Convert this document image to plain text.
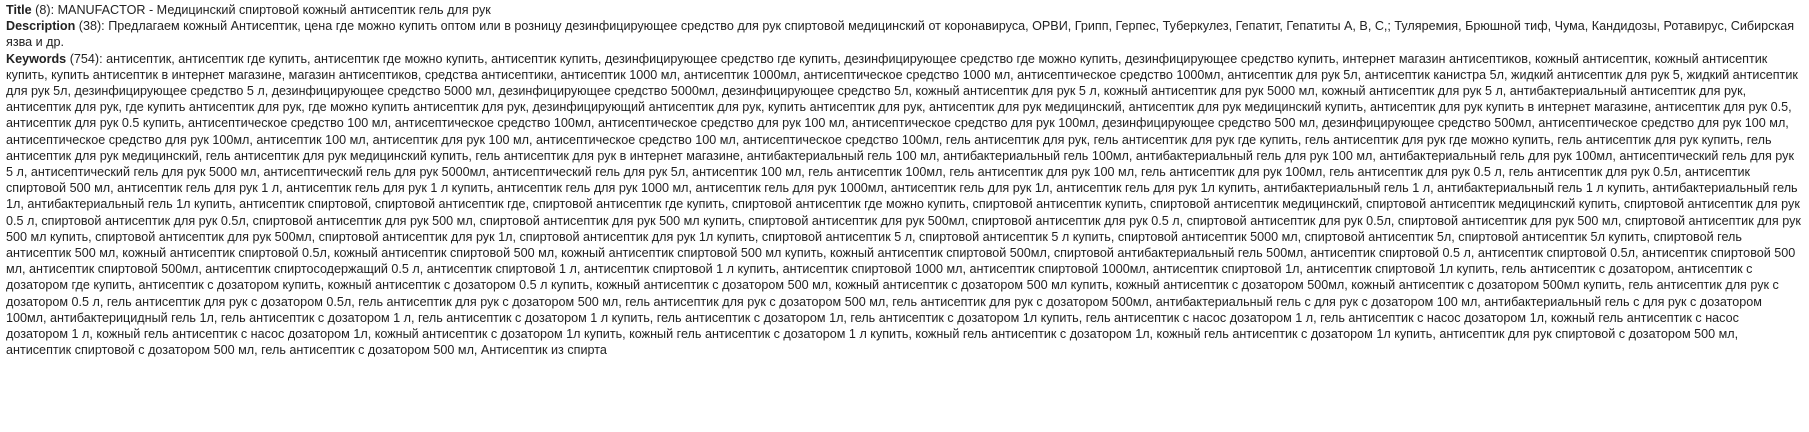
Title (8): MANUFACTOR - Медицинский спиртовой кожный антисептик гель для рук
Description (38): Предлагаем кожный Антисептик, цена где можно купить оптом или в розницу дезинфицирующее средство для рук спиртовой медицинский от коронавируса, ОРВИ, Грипп, Герпес, Туберкулез, Гепатит, Гепатиты А, В, С,; Туляремия, Брюшной тиф, Чума, Кандидозы, Ротавирус, Сибирская язва и др.
Keywords (754): антисептик, антисептик где купить, антисептик где можно купить, антисептик купить, дезинфицирующее средство где купить, дезинфицирующее средство где можно купить, дезинфицирующее средство купить, интернет магазин антисептиков, кожный антисептик, кожный антисептик купить, купить антисептик в интернет магазине, магазин антисептиков, средства антисептики, антисептик 1000 мл, антисептик 1000мл, антисептическое средство 1000 мл, антисептическое средство 1000мл, антисептик для рук 5л, антисептик канистра 5л, жидкий антисептик для рук 5, жидкий антисептик для рук 5л, дезинфицирующее средство 5 л, дезинфицирующее средство 5000 мл, дезинфицирующее средство 5000мл, дезинфицирующее средство 5л, кожный антисептик для рук 5 л, кожный антисептик для рук 5000 мл, кожный антисептик для рук 5 л, антибактериальный антисептик для рук, антисептик для рук, где купить антисептик для рук, где можно купить антисептик для рук, дезинфицирующий антисептик для рук, купить антисептик для рук, антисептик для рук медицинский, антисептик для рук медицинский купить, антисептик для рук купить в интернет магазине, антисептик для рук 0.5, антисептик для рук 0.5 купить, антисептическое средство 100 мл, антисептическое средство 100мл, антисептическое средство для рук 100 мл, антисептическое средство для рук 100мл, дезинфицирующее средство 500 мл, дезинфицирующее средство 500мл, антисептическое средство для рук 100 мл, антисептическое средство для рук 100мл, антисептик 100 мл, антисептик для рук 100 мл, антисептическое средство 100 мл, антисептическое средство 100мл, гель антисептик для рук, гель антисептик для рук где купить, гель антисептик для рук где можно купить, гель антисептик для рук купить, гель антисептик для рук медицинский, гель антисептик для рук медицинский купить, гель антисептик для рук в интернет магазине, антибактериальный гель 100 мл, антибактериальный гель 100мл, антибактериальный гель для рук 100 мл, антибактериальный гель для рук 100мл, антисептический гель для рук 5 л, антисептический гель для рук 5000 мл, антисептический гель для рук 5000мл, антисептический гель для рук 5л, антисептик 100 мл, гель антисептик 100мл, гель антисептик для рук 100 мл, гель антисептик для рук 100мл, гель антисептик для рук 0.5 л, гель антисептик для рук 0.5л, антисептик спиртовой 500 мл, антисептик гель для рук 1 л, антисептик гель для рук 1 л купить, антисептик гель для рук 1000 мл, антисептик гель для рук 1000мл, антисептик гель для рук 1л, антисептик гель для рук 1л купить, антибактериальный гель 1 л, антибактериальный гель 1 л купить, антибактериальный гель 1л, антибактериальный гель 1л купить, антисептик спиртовой, спиртовой антисептик где, спиртовой антисептик где купить, спиртовой антисептик где можно купить, спиртовой антисептик купить, спиртовой антисептик медицинский, спиртовой антисептик медицинский купить, спиртовой антисептик для рук 0.5 л, спиртовой антисептик для рук 0.5л, спиртовой антисептик для рук 500 мл, спиртовой антисептик для рук 500 мл купить, спиртовой антисептик для рук 500мл, спиртовой антисептик для рук 0.5 л, спиртовой антисептик для рук 0.5л, спиртовой антисептик для рук 500 мл, спиртовой антисептик для рук 500 мл купить, спиртовой антисептик для рук 500мл, спиртовой антисептик для рук 1л, спиртовой антисептик для рук 1л купить, спиртовой антисептик 5 л, спиртовой антисептик 5 л купить, спиртовой антисептик 5000 мл, спиртовой антисептик 5л, спиртовой антисептик 5л купить, спиртовой гель антисептик 500 мл, кожный антисептик спиртовой 0.5л, кожный антисептик спиртовой 500 мл, кожный антисептик спиртовой 500 мл купить, кожный антисептик спиртовой 500мл, спиртовой антибактериальный гель 500мл, антисептик спиртовой 0.5 л, антисептик спиртовой 0.5л, антисептик спиртовой 500 мл, антисептик спиртовой 500мл, антисептик спиртосодержащий 0.5 л, антисептик спиртовой 1 л, антисептик спиртовой 1 л купить, антисептик спиртовой 1000 мл, антисептик спиртовой 1000мл, антисептик спиртовой 1л, антисептик спиртовой 1л купить, гель антисептик с дозатором, антисептик с дозатором где купить, антисептик с дозатором купить, кожный антисептик с дозатором 0.5 л купить, кожный антисептик с дозатором 500 мл, кожный антисептик с дозатором 500 мл купить, кожный антисептик с дозатором 500мл, кожный антисептик с дозатором 500мл купить, гель антисептик для рук с дозатором 0.5 л, гель антисептик для рук с дозатором 0.5л, гель антисептик для рук с дозатором 500 мл, гель антисептик для рук с дозатором 500 мл, гель антисептик для рук с дозатором 500мл, антибактериальный гель с для рук с дозатором 100 мл, антибактериальный гель с для рук с дозатором 100мл, антибактерицидный гель 1л, гель антисептик с дозатором 1 л, гель антисептик с дозатором 1 л купить, гель антисептик с дозатором 1л, гель антисептик с дозатором 1л купить, гель антисептик с насос дозатором 1 л, гель антисептик с насос дозатором 1л, кожный гель антисептик с насос дозатором 1 л, кожный гель антисептик с насос дозатором 1л, кожный антисептик с дозатором 1л купить, кожный гель антисептик с дозатором 1 л купить, кожный гель антисептик с дозатором 1л, кожный гель антисептик с дозатором 1л купить, антисептик для рук спиртовой с дозатором 500 мл, антисептик спиртовой с дозатором 500 мл, гель антисептик с дозатором 500 мл, Антисептик из спирта
